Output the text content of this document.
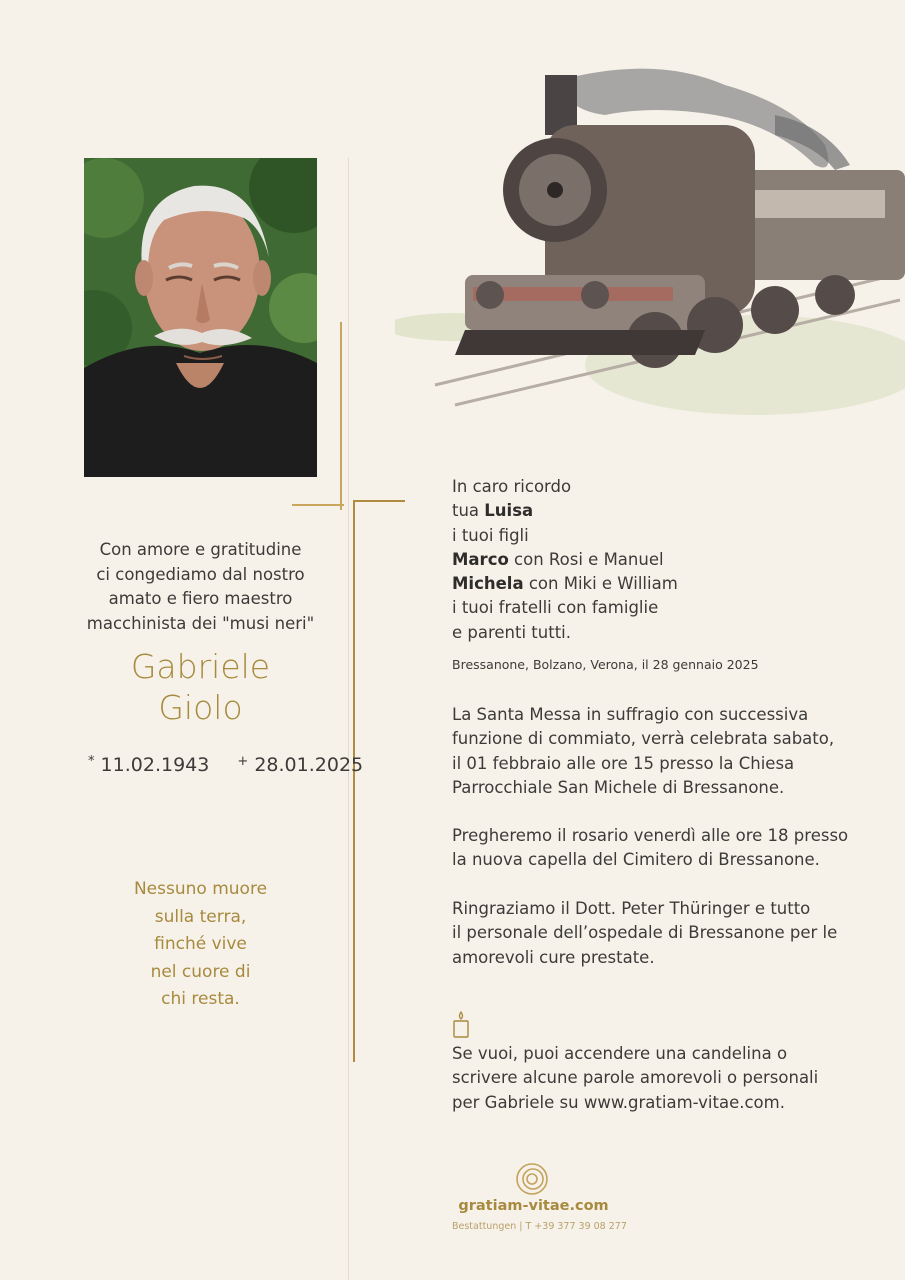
Con amore e gratitudine
ci congediamo dal nostro
amato e fiero maestro
macchinista dei "musi neri"
Gabriele
Giolo
* 11.02.1943 + 28.01.2025
Nessuno muore
sulla terra,
finché vive
nel cuore di
chi resta.
In caro ricordo
tua Luisa
i tuoi figli
Marco con Rosi e Manuel
Michela con Miki e William
i tuoi fratelli con famiglie
e parenti tutti.
Bressanone, Bolzano, Verona, il 28 gennaio 2025
La Santa Messa in suffragio con successiva
funzione di commiato, verrà celebrata sabato,
il 01 febbraio alle ore 15 presso la Chiesa
Parrocchiale San Michele di Bressanone.
Pregheremo il rosario venerdì alle ore 18 presso
la nuova capella del Cimitero di Bressanone.
Ringraziamo il Dott. Peter Thüringer e tutto
il personale dell’ospedale di Bressanone per le
amorevoli cure prestate.
Se vuoi, puoi accendere una candelina o
scrivere alcune parole amorevoli o personali
per Gabriele su www.gratiam-vitae.com.
gratiam-vitae.com
Bestattungen | T +39 377 39 08 277
